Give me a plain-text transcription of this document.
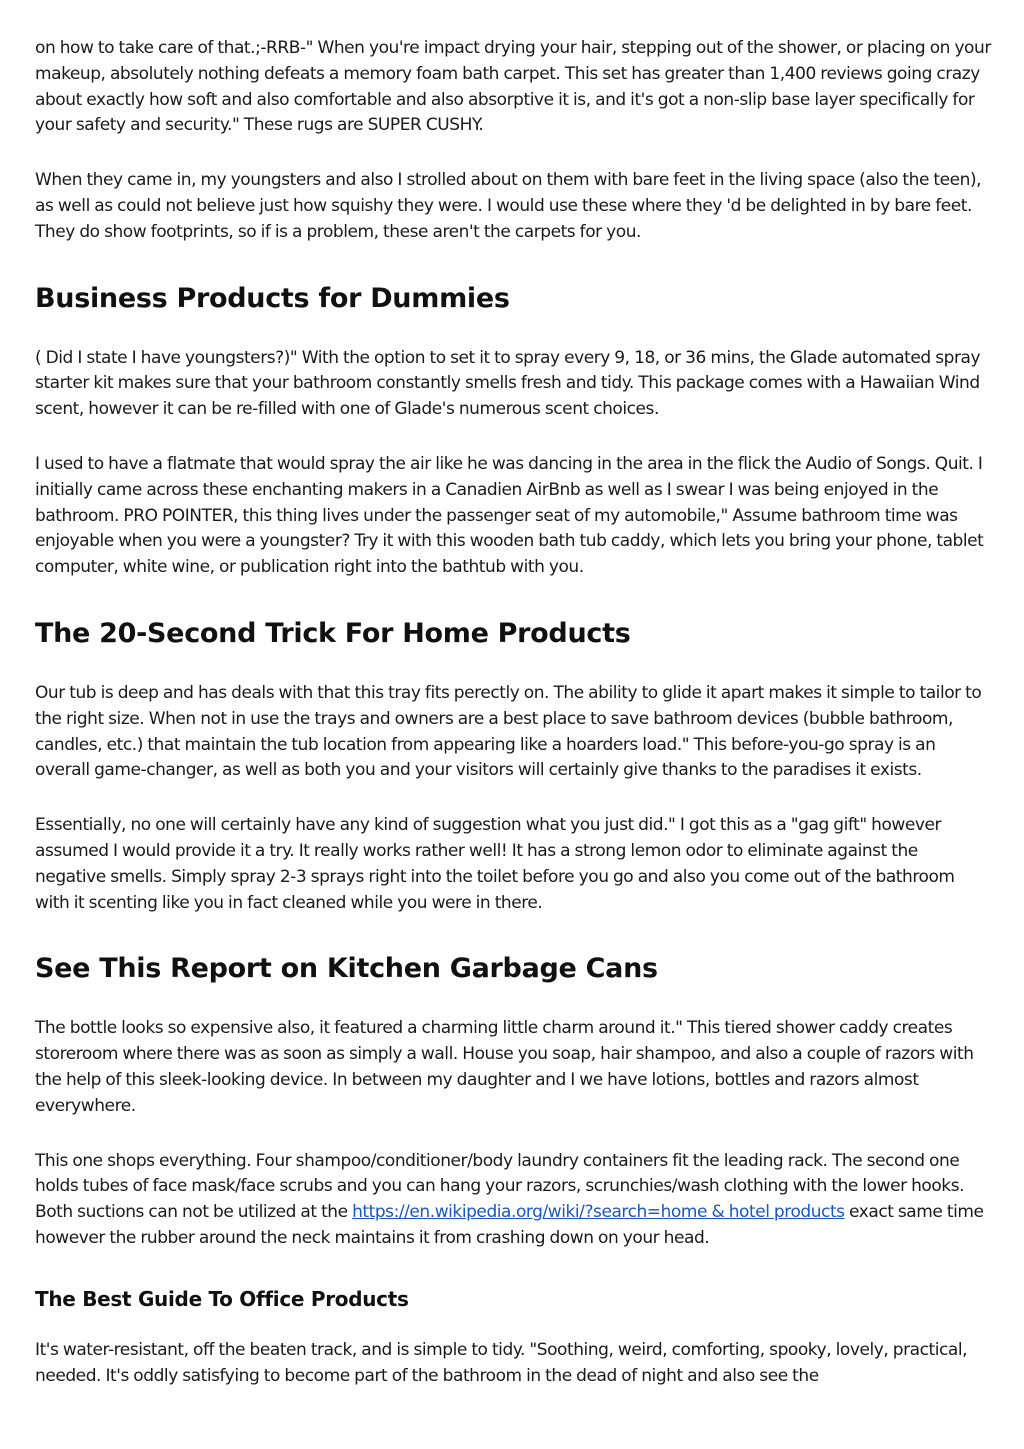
on how to take care of that.;-RRB-" When you're impact drying your hair, stepping out of the shower, or placing on your makeup, absolutely nothing defeats a memory foam bath carpet. This set has greater than 1,400 reviews going crazy about exactly how soft and also comfortable and also absorptive it is, and it's got a non-slip base layer specifically for your safety and security." These rugs are SUPER CUSHY.

When they came in, my youngsters and also I strolled about on them with bare feet in the living space (also the teen), as well as could not believe just how squishy they were. I would use these where they 'd be delighted in by bare feet. They do show footprints, so if is a problem, these aren't the carpets for you.

Business Products for Dummies

( Did I state I have youngsters?)" With the option to set it to spray every 9, 18, or 36 mins, the Glade automated spray starter kit makes sure that your bathroom constantly smells fresh and tidy. This package comes with a Hawaiian Wind scent, however it can be re-filled with one of Glade's numerous scent choices.

I used to have a flatmate that would spray the air like he was dancing in the area in the flick the Audio of Songs. Quit. I initially came across these enchanting makers in a Canadien AirBnb as well as I swear I was being enjoyed in the bathroom. PRO POINTER, this thing lives under the passenger seat of my automobile," Assume bathroom time was enjoyable when you were a youngster? Try it with this wooden bath tub caddy, which lets you bring your phone, tablet computer, white wine, or publication right into the bathtub with you.

The 20-Second Trick For Home Products

Our tub is deep and has deals with that this tray fits perectly on. The ability to glide it apart makes it simple to tailor to the right size. When not in use the trays and owners are a best place to save bathroom devices (bubble bathroom, candles, etc.) that maintain the tub location from appearing like a hoarders load." This before-you-go spray is an overall game-changer, as well as both you and your visitors will certainly give thanks to the paradises it exists.

Essentially, no one will certainly have any kind of suggestion what you just did." I got this as a "gag gift" however assumed I would provide it a try. It really works rather well! It has a strong lemon odor to eliminate against the negative smells. Simply spray 2-3 sprays right into the toilet before you go and also you come out of the bathroom with it scenting like you in fact cleaned while you were in there.

See This Report on Kitchen Garbage Cans

The bottle looks so expensive also, it featured a charming little charm around it." This tiered shower caddy creates storeroom where there was as soon as simply a wall. House you soap, hair shampoo, and also a couple of razors with the help of this sleek-looking device. In between my daughter and I we have lotions, bottles and razors almost everywhere.

This one shops everything. Four shampoo/conditioner/body laundry containers fit the leading rack. The second one holds tubes of face mask/face scrubs and you can hang your razors, scrunchies/wash clothing with the lower hooks. Both suctions can not be utilized at the https://en.wikipedia.org/wiki/?search=home & hotel products exact same time however the rubber around the neck maintains it from crashing down on your head.

The Best Guide To Office Products

It's water-resistant, off the beaten track, and is simple to tidy. "Soothing, weird, comforting, spooky, lovely, practical, needed. It's oddly satisfying to become part of the bathroom in the dead of night and also see the
